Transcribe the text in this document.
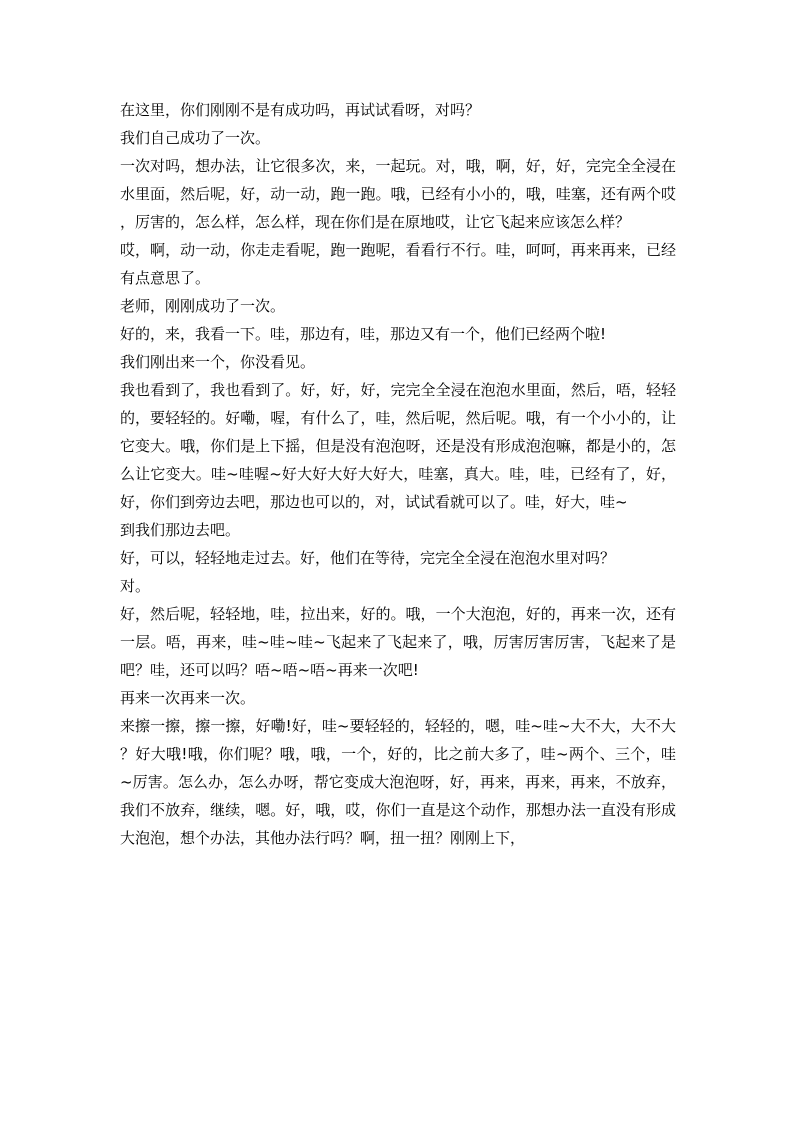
在这里，你们刚刚不是有成功吗，再试试看呀，对吗？

我们自己成功了一次。

一次对吗，想办法，让它很多次，来，一起玩。对，哦，啊，好，好，完完全全浸在水里面，然后呢，好，动一动，跑一跑。哦，已经有小小的，哦，哇塞，还有两个哎，厉害的，怎么样，怎么样，现在你们是在原地哎，让它飞起来应该怎么样？

哎，啊，动一动，你走走看呢，跑一跑呢，看看行不行。哇，呵呵，再来再来，已经有点意思了。

老师，刚刚成功了一次。

好的，来，我看一下。哇，那边有，哇，那边又有一个，他们已经两个啦!

我们刚出来一个，你没看见。

我也看到了，我也看到了。好，好，好，完完全全浸在泡泡水里面，然后，唔，轻轻的，要轻轻的。好嘞，喔，有什么了，哇，然后呢，然后呢。哦，有一个小小的，让它变大。哦，你们是上下摇，但是没有泡泡呀，还是没有形成泡泡嘛，都是小的，怎么让它变大。哇~哇喔~好大好大好大好大，哇塞，真大。哇，哇，已经有了，好，好，你们到旁边去吧，那边也可以的，对，试试看就可以了。哇，好大，哇~

到我们那边去吧。

好，可以，轻轻地走过去。好，他们在等待，完完全全浸在泡泡水里对吗？

对。

好，然后呢，轻轻地，哇，拉出来，好的。哦，一个大泡泡，好的，再来一次，还有一层。唔，再来，哇~哇~哇~飞起来了飞起来了，哦，厉害厉害厉害，飞起来了是吧？哇，还可以吗？唔~唔~唔~再来一次吧!

再来一次再来一次。

来擦一擦，擦一擦，好嘞!好，哇~要轻轻的，轻轻的，嗯，哇~哇~大不大，大不大？好大哦!哦，你们呢？哦，哦，一个，好的，比之前大多了，哇~两个、三个，哇~厉害。怎么办，怎么办呀，帮它变成大泡泡呀，好，再来，再来，再来，不放弃，我们不放弃，继续，嗯。好，哦，哎，你们一直是这个动作，那想办法一直没有形成大泡泡，想个办法，其他办法行吗？啊，扭一扭？刚刚上下，
